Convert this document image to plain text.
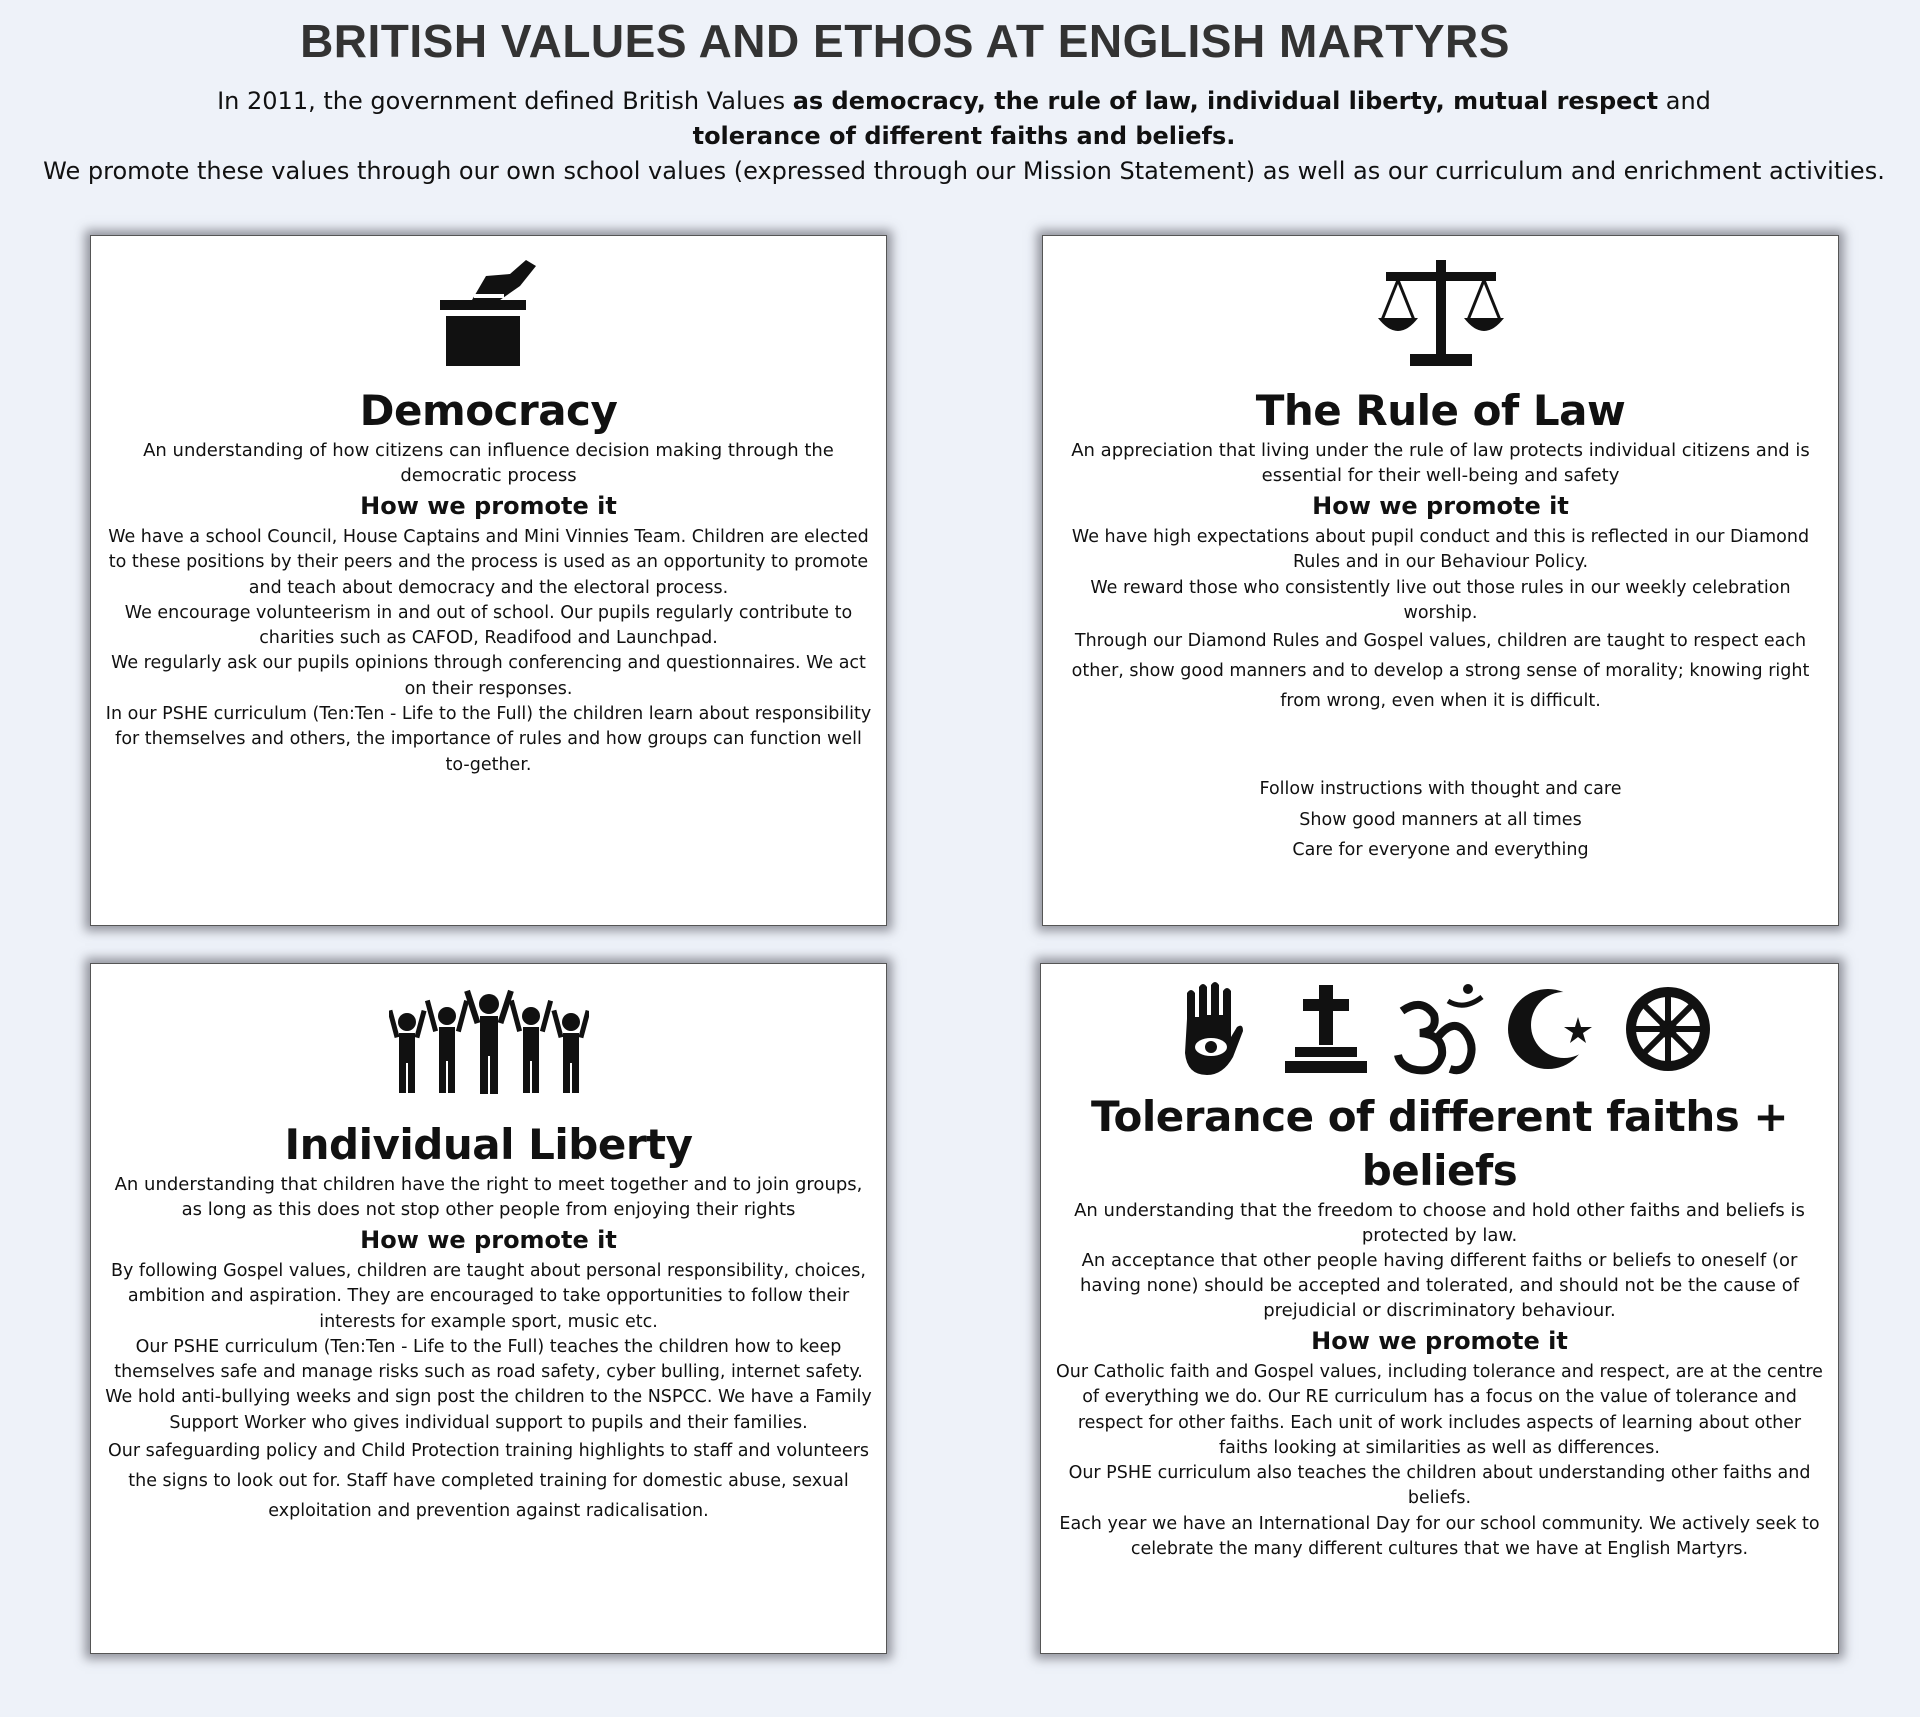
BRITISH VALUES AND ETHOS AT ENGLISH MARTYRS
In 2011, the government defined British Values as democracy, the rule of law, individual liberty, mutual respect and tolerance of different faiths and beliefs.
We promote these values through our own school values (expressed through our Mission Statement) as well as our curriculum and enrichment activities.
Democracy
An understanding of how citizens can influence decision making through the democratic process
How we promote it

We have a school Council, House Captains and Mini Vinnies Team. Children are elected to these positions by their peers and the process is used as an opportunity to promote and teach about democracy and the electoral process.

We encourage volunteerism in and out of school. Our pupils regularly contribute to charities such as CAFOD, Readifood and Launchpad.

We regularly ask our pupils opinions through conferencing and questionnaires. We act on their responses.

In our PSHE curriculum (Ten:Ten - Life to the Full) the children learn about responsibility for themselves and others, the importance of rules and how groups can function well to-gether.

The Rule of Law
An appreciation that living under the rule of law protects individual citizens and is essential for their well-being and safety
How we promote it

We have high expectations about pupil conduct and this is reflected in our Diamond Rules and in our Behaviour Policy.

We reward those who consistently live out those rules in our weekly celebration worship.

Through our Diamond Rules and Gospel values, children are taught to respect each other, show good manners and to develop a strong sense of morality; knowing right from wrong, even when it is difficult.

Follow instructions with thought and care
Show good manners at all times
Care for everyone and everything
Individual Liberty
An understanding that children have the right to meet together and to join groups, as long as this does not stop other people from enjoying their rights
How we promote it

By following Gospel values, children are taught about personal responsibility, choices, ambition and aspiration. They are encouraged to take opportunities to follow their interests for example sport, music etc.

Our PSHE curriculum (Ten:Ten - Life to the Full) teaches the children how to keep themselves safe and manage risks such as road safety, cyber bulling, internet safety. We hold anti-bullying weeks and sign post the children to the NSPCC. We have a Family Support Worker who gives individual support to pupils and their families.

Our safeguarding policy and Child Protection training highlights to staff and volunteers the signs to look out for. Staff have completed training for domestic abuse, sexual exploitation and prevention against radicalisation.

Tolerance of different faiths + beliefs
An understanding that the freedom to choose and hold other faiths and beliefs is protected by law.
An acceptance that other people having different faiths or beliefs to oneself (or having none) should be accepted and tolerated, and should not be the cause of prejudicial or discriminatory behaviour.
How we promote it

Our Catholic faith and Gospel values, including tolerance and respect, are at the centre of everything we do. Our RE curriculum has a focus on the value of tolerance and respect for other faiths. Each unit of work includes aspects of learning about other faiths looking at similarities as well as differences.

Our PSHE curriculum also teaches the children about understanding other faiths and beliefs.

Each year we have an International Day for our school community. We actively seek to celebrate the many different cultures that we have at English Martyrs.
